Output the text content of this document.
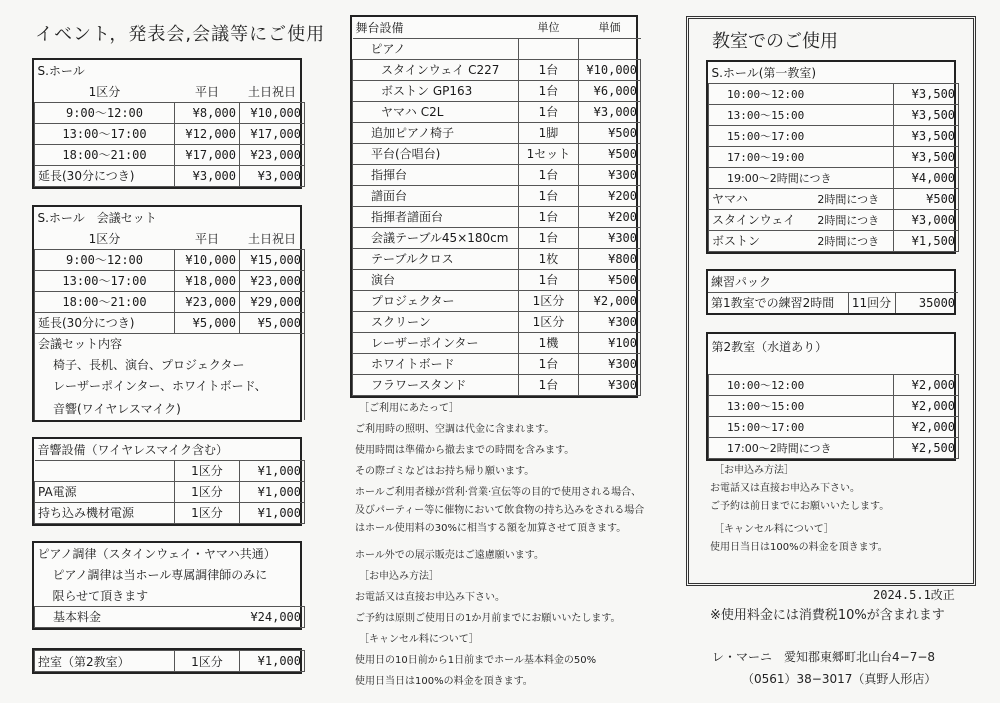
イベント，発表会,会議等にご使用
S.ホール		
1区分	平日	土日祝日
9:00〜12:00	¥8,000	¥10,000
13:00〜17:00	¥12,000	¥17,000
18:00〜21:00	¥17,000	¥23,000
延長(30分につき)	¥3,000	¥3,000
S.ホール　会議セット		
1区分	平日	土日祝日
9:00〜12:00	¥10,000	¥15,000
13:00〜17:00	¥18,000	¥23,000
18:00〜21:00	¥23,000	¥29,000
延長(30分につき)	¥5,000	¥5,000
会議セット内容		
椅子、長机、演台、プロジェクター		
レーザーポインター、ホワイトボード、		
音響(ワイヤレスマイク)		
音響設備（ワイヤレスマイク含む）		
	1区分	¥1,000
PA電源	1区分	¥1,000
持ち込み機材電源	1区分	¥1,000
ピアノ調律（スタインウェイ・ヤマハ共通）
ピアノ調律は当ホール専属調律師のみに
限らせて頂きます
基本料金	¥24,000
控室（第2教室）	1区分	¥1,000
舞台設備	単位	単価
ピアノ		
スタインウェイ C227	1台	¥10,000
ボストン GP163	1台	¥6,000
ヤマハ C2L	1台	¥3,000
追加ピアノ椅子	1脚	¥500
平台(合唱台)	1セット	¥500
指揮台	1台	¥300
譜面台	1台	¥200
指揮者譜面台	1台	¥200
会議テーブル45×180cm	1台	¥300
テーブルクロス	1枚	¥800
演台	1台	¥500
プロジェクター	1区分	¥2,000
スクリーン	1区分	¥300
レーザーポインター	1機	¥100
ホワイトボード	1台	¥300
フラワースタンド	1台	¥300
［ご利用にあたって］
ご利用時の照明、空調は代金に含まれます。
使用時間は準備から撤去までの時間を含みます。
その際ゴミなどはお持ち帰り願います。
ホールご利用者様が営利·営業·宣伝等の目的で使用される場合、
及びパーティー等に催物において飲食物の持ち込みをされる場合
はホール使用料の30%に相当する額を加算させて頂きます。
ホール外での展示販売はご遠慮願います。
［お申込み方法］
お電話又は直接お申込み下さい。
ご予約は原則ご使用日の1か月前までにお願いいたします。
［キャンセル料について］
使用日の10日前から1日前までホール基本料金の50%
使用日当日は100%の料金を頂きます。
教室でのご使用
S.ホール(第一教室)		
10:00〜12:00		¥3,500
13:00〜15:00		¥3,500
15:00〜17:00		¥3,500
17:00〜19:00		¥3,500
19:00〜2時間につき		¥4,000
ヤマハ	2時間につき	¥500
スタインウェイ	2時間につき	¥3,000
ボストン	2時間につき	¥1,500
練習パック
第1教室での練習2時間	11回分	35000
第2教室（水道あり）	
10:00〜12:00	¥2,000
13:00〜15:00	¥2,000
15:00〜17:00	¥2,000
17:00〜2時間につき	¥2,500
［お申込み方法］
お電話又は直接お申込み下さい。
ご予約は前日までにお願いいたします。
［キャンセル料について］
使用日当日は100%の料金を頂きます。
2024.5.1改正
※使用料金には消費税10%が含まれます
レ・マーニ　愛知郡東郷町北山台4−7−8
（0561）38−3017（真野人形店）
